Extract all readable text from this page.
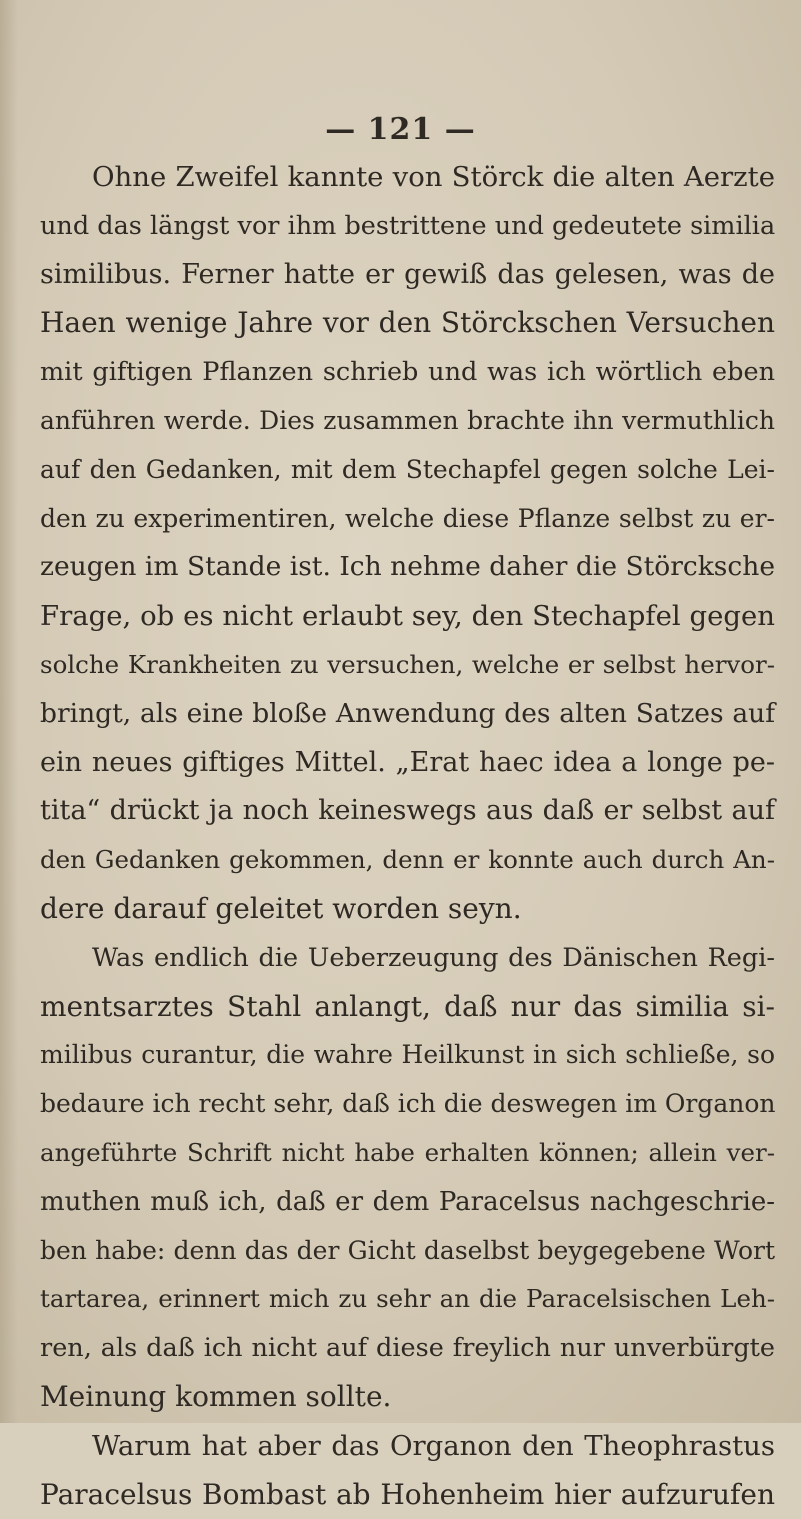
— 121 —
Ohne Zweifel kannte von Störck die alten Aerzte
und das längst vor ihm bestrittene und gedeutete similia
similibus. Ferner hatte er gewiß das gelesen, was de
Haen wenige Jahre vor den Störckschen Versuchen
mit giftigen Pflanzen schrieb und was ich wörtlich eben
anführen werde. Dies zusammen brachte ihn vermuthlich
auf den Gedanken, mit dem Stechapfel gegen solche Lei-
den zu experimentiren, welche diese Pflanze selbst zu er-
zeugen im Stande ist. Ich nehme daher die Störcksche
Frage, ob es nicht erlaubt sey, den Stechapfel gegen
solche Krankheiten zu versuchen, welche er selbst hervor-
bringt, als eine bloße Anwendung des alten Satzes auf
ein neues giftiges Mittel. „Erat haec idea a longe pe-
tita“ drückt ja noch keineswegs aus daß er selbst auf
den Gedanken gekommen, denn er konnte auch durch An-
dere darauf geleitet worden seyn.
Was endlich die Ueberzeugung des Dänischen Regi-
mentsarztes Stahl anlangt, daß nur das similia si-
milibus curantur, die wahre Heilkunst in sich schließe, so
bedaure ich recht sehr, daß ich die deswegen im Organon
angeführte Schrift nicht habe erhalten können; allein ver-
muthen muß ich, daß er dem Paracelsus nachgeschrie-
ben habe: denn das der Gicht daselbst beygegebene Wort
tartarea, erinnert mich zu sehr an die Paracelsischen Leh-
ren, als daß ich nicht auf diese freylich nur unverbürgte
Meinung kommen sollte.
Warum hat aber das Organon den Theophrastus
Paracelsus Bombast ab Hohenheim hier aufzurufen
